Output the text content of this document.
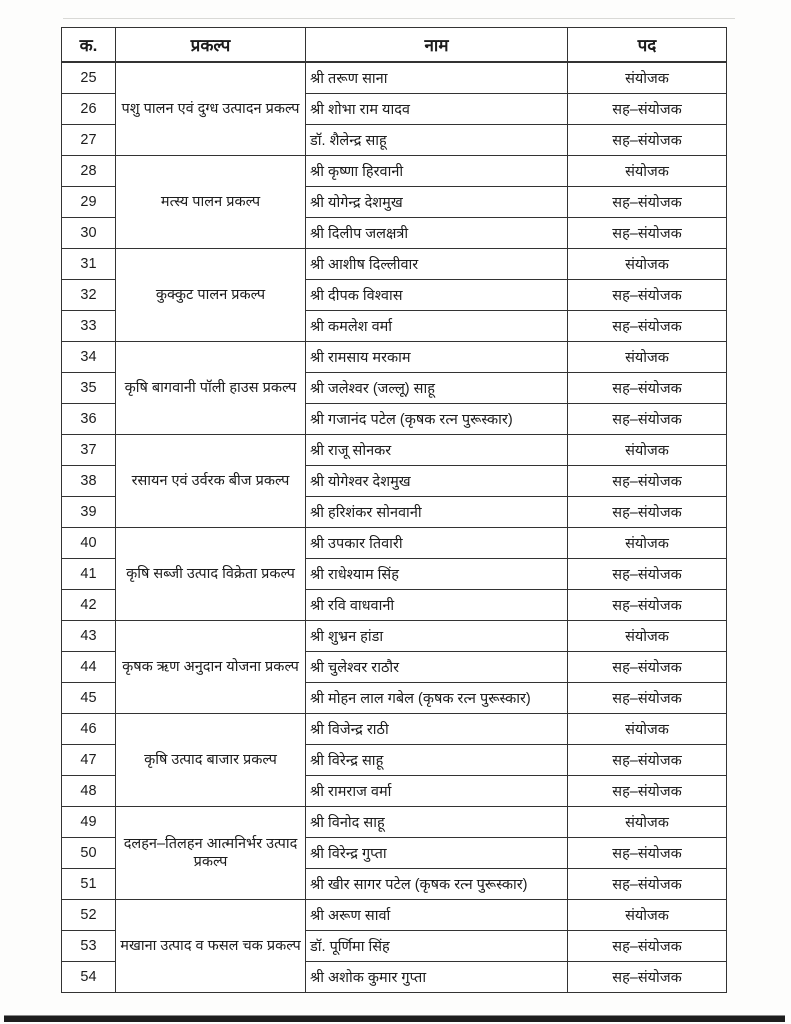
क.	प्रकल्प	नाम	पद
25	पशु पालन एवं दुग्ध उत्पादन प्रकल्प	श्री तरूण साना	संयोजक
26		श्री शोभा राम यादव	सह–संयोजक
27		डॉ. शैलेन्द्र साहू	सह–संयोजक
28	मत्स्य पालन प्रकल्प	श्री कृष्णा हिरवानी	संयोजक
29		श्री योगेन्द्र देशमुख	सह–संयोजक
30		श्री दिलीप जलक्षत्री	सह–संयोजक
31	कुक्कुट पालन प्रकल्प	श्री आशीष दिल्लीवार	संयोजक
32		श्री दीपक विश्वास	सह–संयोजक
33		श्री कमलेश वर्मा	सह–संयोजक
34	कृषि बागवानी पॉली हाउस प्रकल्प	श्री रामसाय मरकाम	संयोजक
35		श्री जलेश्वर (जल्लू) साहू	सह–संयोजक
36		श्री गजानंद पटेल (कृषक रत्न पुरूस्कार)	सह–संयोजक
37	रसायन एवं उर्वरक बीज प्रकल्प	श्री राजू सोनकर	संयोजक
38		श्री योगेश्वर देशमुख	सह–संयोजक
39		श्री हरिशंकर सोनवानी	सह–संयोजक
40	कृषि सब्जी उत्पाद विक्रेता प्रकल्प	श्री उपकार तिवारी	संयोजक
41		श्री राधेश्याम सिंह	सह–संयोजक
42		श्री रवि वाधवानी	सह–संयोजक
43	कृषक ऋण अनुदान योजना प्रकल्प	श्री शुभ्रन हांडा	संयोजक
44		श्री चुलेश्वर राठौर	सह–संयोजक
45		श्री मोहन लाल गबेल (कृषक रत्न पुरूस्कार)	सह–संयोजक
46	कृषि उत्पाद बाजार प्रकल्प	श्री विजेन्द्र राठी	संयोजक
47		श्री विरेन्द्र साहू	सह–संयोजक
48		श्री रामराज वर्मा	सह–संयोजक
49	दलहन–तिलहन आत्मनिर्भर उत्पाद प्रकल्प	श्री विनोद साहू	संयोजक
50		श्री विरेन्द्र गुप्ता	सह–संयोजक
51		श्री खीर सागर पटेल (कृषक रत्न पुरूस्कार)	सह–संयोजक
52	मखाना उत्पाद व फसल चक प्रकल्प	श्री अरूण सार्वा	संयोजक
53		डॉ. पूर्णिमा सिंह	सह–संयोजक
54		श्री अशोक कुमार गुप्ता	सह–संयोजक
